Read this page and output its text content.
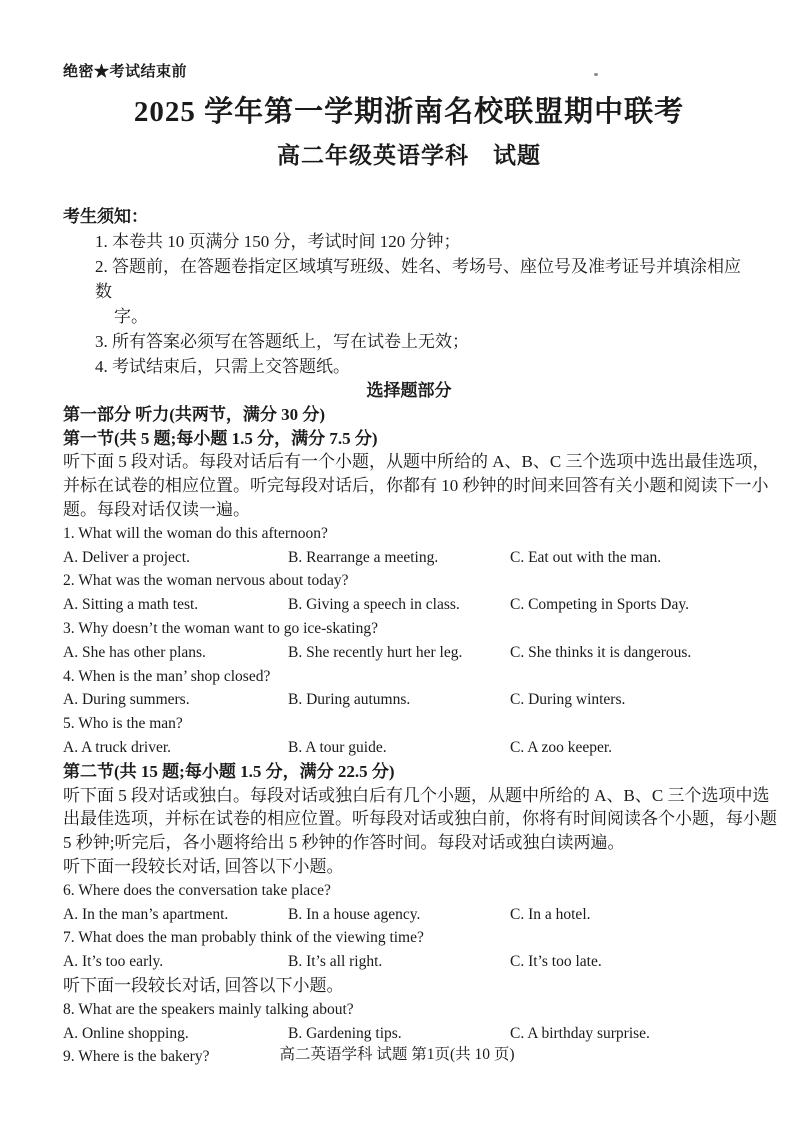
绝密★考试结束前
2025 学年第一学期浙南名校联盟期中联考
高二年级英语学科　试题
考生须知：
1. 本卷共 10 页满分 150 分，考试时间 120 分钟；
2. 答题前，在答题卷指定区域填写班级、姓名、考场号、座位号及准考证号并填涂相应数
字。
3. 所有答案必须写在答题纸上，写在试卷上无效；
4. 考试结束后，只需上交答题纸。
选择题部分
第一部分 听力(共两节，满分 30 分)
第一节(共 5 题;每小题 1.5 分，满分 7.5 分)
听下面 5 段对话。每段对话后有一个小题，从题中所给的 A、B、C 三个选项中选出最佳选项，
并标在试卷的相应位置。听完每段对话后，你都有 10 秒钟的时间来回答有关小题和阅读下一小
题。每段对话仅读一遍。
1. What will the woman do this afternoon?
A. Deliver a project.	B. Rearrange a meeting.	C. Eat out with the man.
2. What was the woman nervous about today?
A. Sitting a math test.	B. Giving a speech in class.	C. Competing in Sports Day.
3. Why doesn’t the woman want to go ice-skating?
A. She has other plans.	B. She recently hurt her leg.	C. She thinks it is dangerous.
4. When is the man’ shop closed?
A. During summers.	B. During autumns.	C. During winters.
5. Who is the man?
A. A truck driver.	B. A tour guide.	C. A zoo keeper.
第二节(共 15 题;每小题 1.5 分，满分 22.5 分)
听下面 5 段对话或独白。每段对话或独白后有几个小题，从题中所给的 A、B、C 三个选项中选
出最佳选项，并标在试卷的相应位置。听每段对话或独白前，你将有时间阅读各个小题，每小题
5 秒钟;听完后，各小题将给出 5 秒钟的作答时间。每段对话或独白读两遍。
听下面一段较长对话, 回答以下小题。
6. Where does the conversation take place?
A. In the man’s apartment.	B. In a house agency.	C. In a hotel.
7. What does the man probably think of the viewing time?
A. It’s too early.	B. It’s all right.	C. It’s too late.
听下面一段较长对话, 回答以下小题。
8. What are the speakers mainly talking about?
A. Online shopping.	B. Gardening tips.	C. A birthday surprise.
9. Where is the bakery?	高二英语学科 试题 第1页(共 10 页)
